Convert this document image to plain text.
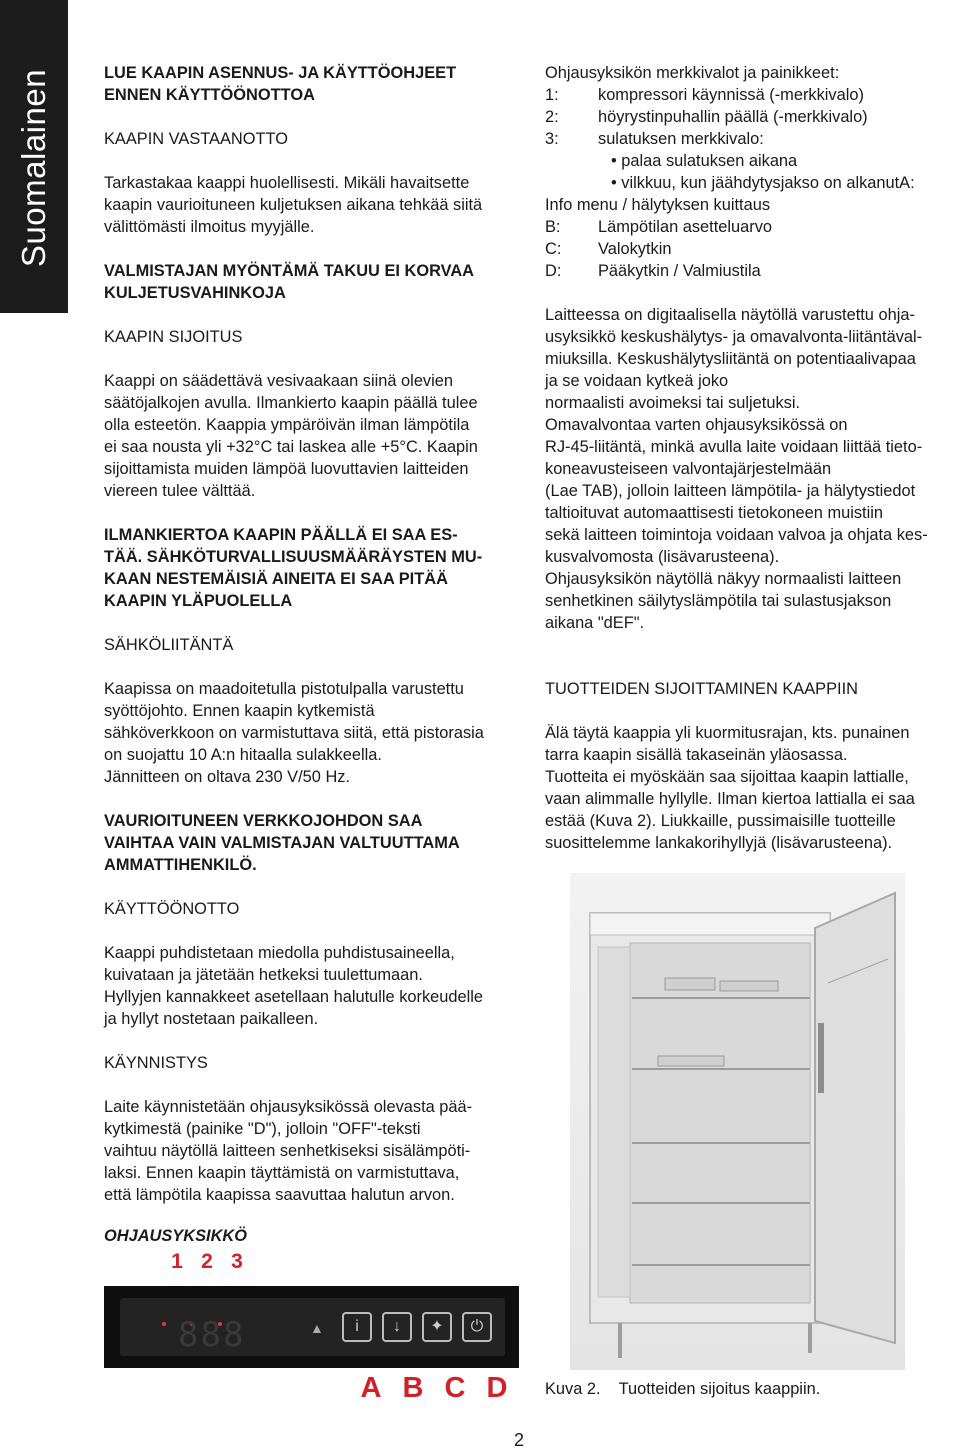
Suomalainen	LUE KAAPIN ASENNUS- JA KÄYTTÖOHJEET

ENNEN KÄYTTÖÖNOTTOA

KAAPIN VASTAANOTTO

Tarkastakaa kaappi huolellisesti. Mikäli havaitsette

kaapin vaurioituneen kuljetuksen aikana tehkää siitä

välittömästi ilmoitus myyjälle.

VALMISTAJAN MYÖNTÄMÄ TAKUU EI KORVAA

KULJETUSVAHINKOJA

KAAPIN SIJOITUS

Kaappi on säädettävä vesivaakaan siinä olevien

säätöjalkojen avulla. Ilmankierto kaapin päällä tulee

olla esteetön. Kaappia ympäröivän ilman lämpötila

ei saa nousta yli +32°C tai laskea alle +5°C. Kaapin

sijoittamista muiden lämpöä luovuttavien laitteiden

viereen tulee välttää.

ILMANKIERTOA KAAPIN PÄÄLLÄ EI SAA ES-

TÄÄ. SÄHKÖTURVALLISUUSMÄÄRÄYSTEN MU-

KAAN NESTEMÄISIÄ AINEITA EI SAA PITÄÄ

KAAPIN YLÄPUOLELLA

SÄHKÖLIITÄNTÄ

Kaapissa on maadoitetulla pistotulpalla varustettu

syöttöjohto. Ennen kaapin kytkemistä

sähköverkkoon on varmistuttava siitä, että pistorasia

on suojattu 10 A:n hitaalla sulakkeella.

Jännitteen on oltava 230 V/50 Hz.

VAURIOITUNEEN VERKKOJOHDON SAA

VAIHTAA VAIN VALMISTAJAN VALTUUTTAMA

AMMATTIHENKILÖ.

KÄYTTÖÖNOTTO

Kaappi puhdistetaan miedolla puhdistusaineella,

kuivataan ja jätetään hetkeksi tuulettumaan.

Hyllyjen kannakkeet asetellaan halutulle korkeudelle

ja hyllyt nostetaan paikalleen.

KÄYNNISTYS

Laite käynnistetään ohjausyksikössä olevasta pää-

kytkimestä (painike "D"), jolloin "OFF"-teksti

vaihtuu näytöllä laitteen senhetkiseksi sisälämpöti-

laksi. Ennen kaapin täyttämistä on varmistuttava,

että lämpötila kaapissa saavuttaa halutun arvon.

OHJAUSYKSIKKÖ
1 2 3
888	▲	i	↓	✦	⏻
A B C D

Ohjausyksikön merkkivalot ja painikkeet:

1:	kompressori käynnissä (-merkkivalo)
2:	höyrystinpuhallin päällä (-merkkivalo)
3:	sulatuksen merkkivalo:

• palaa sulatuksen aikana

• vilkkuu, kun jäähdytysjakso on alkanutA:

Info menu / hälytyksen kuittaus

B:	Lämpötilan asetteluarvo
C:	Valokytkin
D:	Pääkytkin / Valmiustila

Laitteessa on digitaalisella näytöllä varustettu ohja-

usyksikkö keskushälytys- ja omavalvonta-liitäntäval-

miuksilla. Keskushälytysliitäntä on potentiaalivapaa

ja se voidaan kytkeä joko

normaalisti avoimeksi tai suljetuksi.

Omavalvontaa varten ohjausyksikössä on

RJ-45-liitäntä, minkä avulla laite voidaan liittää tieto-

koneavusteiseen valvontajärjestelmään

(Lae TAB), jolloin laitteen lämpötila- ja hälytystiedot

taltioituvat automaattisesti tietokoneen muistiin

sekä laitteen toimintoja voidaan valvoa ja ohjata kes-

kusvalvomosta (lisävarusteena).

Ohjausyksikön näytöllä näkyy normaalisti laitteen

senhetkinen säilytyslämpötila tai sulastusjakson

aikana "dEF".

TUOTTEIDEN SIJOITTAMINEN KAAPPIIN

Älä täytä kaappia yli kuormitusrajan, kts. punainen

tarra kaapin sisällä takaseinän yläosassa.

Tuotteita ei myöskään saa sijoittaa kaapin lattialle,

vaan alimmalle hyllylle. Ilman kiertoa lattialla ei saa

estää (Kuva 2). Liukkaille, pussimaisille tuotteille

suosittelemme lankakorihyllyjä (lisävarusteena).

Kuva 2. Tuotteiden sijoitus kaappiin.
2
